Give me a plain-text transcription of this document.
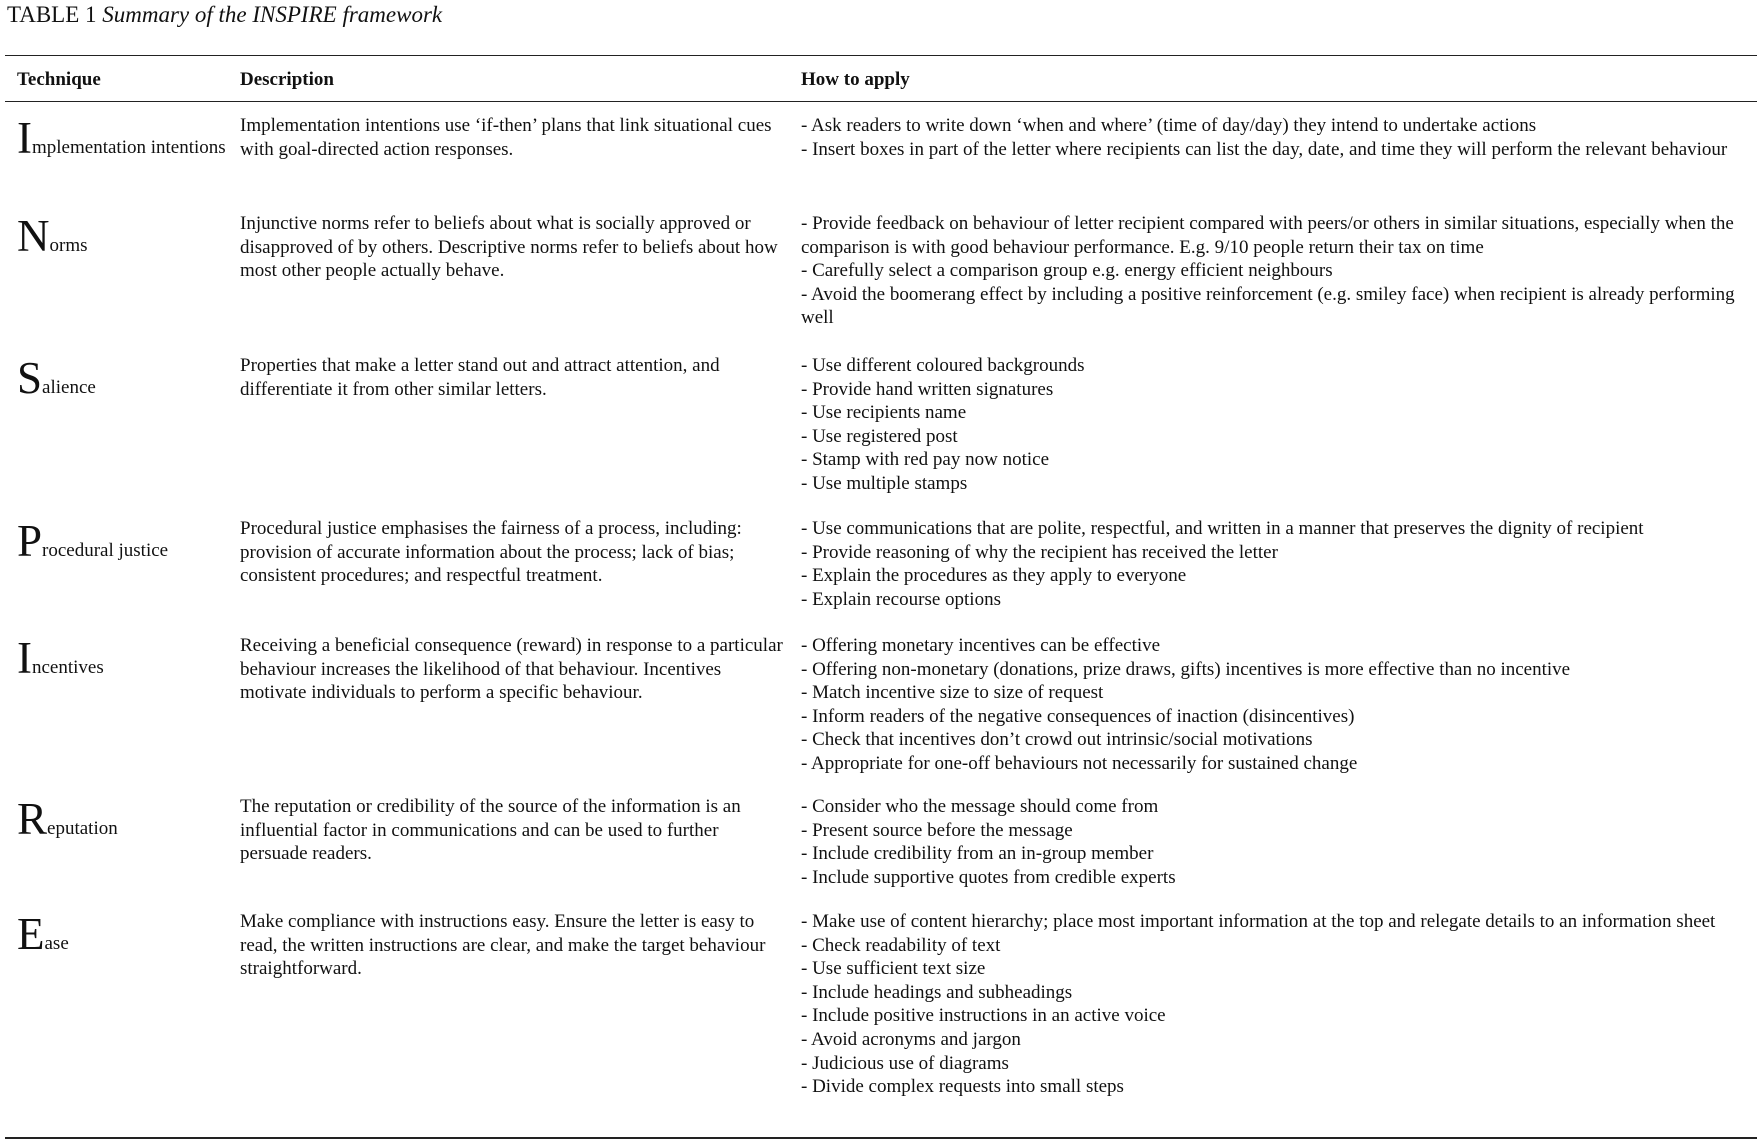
TABLE 1 Summary of the INSPIRE framework
Technique	Description	How to apply
Implementation intentions
Implementation intentions use ‘if-then’ plans that link situational cues with goal-directed action responses.
- Ask readers to write down ‘when and where’ (time of day/day) they intend to undertake actions
- Insert boxes in part of the letter where recipients can list the day, date, and time they will perform the relevant behaviour
Norms
Injunctive norms refer to beliefs about what is socially approved or disapproved of by others. Descriptive norms refer to beliefs about how most other people actually behave.
- Provide feedback on behaviour of letter recipient compared with peers/or others in similar situations, especially when the comparison is with good behaviour performance. E.g. 9/10 people return their tax on time
- Carefully select a comparison group e.g. energy efficient neighbours
- Avoid the boomerang effect by including a positive reinforcement (e.g. smiley face) when recipient is already performing well
Salience
Properties that make a letter stand out and attract attention, and differentiate it from other similar letters.
- Use different coloured backgrounds
- Provide hand written signatures
- Use recipients name
- Use registered post
- Stamp with red pay now notice
- Use multiple stamps
Procedural justice
Procedural justice emphasises the fairness of a process, including: provision of accurate information about the process; lack of bias; consistent procedures; and respectful treatment.
- Use communications that are polite, respectful, and written in a manner that preserves the dignity of recipient
- Provide reasoning of why the recipient has received the letter
- Explain the procedures as they apply to everyone
- Explain recourse options
Incentives
Receiving a beneficial consequence (reward) in response to a particular behaviour increases the likelihood of that behaviour. Incentives motivate individuals to perform a specific behaviour.
- Offering monetary incentives can be effective
- Offering non-monetary (donations, prize draws, gifts) incentives is more effective than no incentive
- Match incentive size to size of request
- Inform readers of the negative consequences of inaction (disincentives)
- Check that incentives don’t crowd out intrinsic/social motivations
- Appropriate for one-off behaviours not necessarily for sustained change
Reputation
The reputation or credibility of the source of the information is an influential factor in communications and can be used to further persuade readers.
- Consider who the message should come from
- Present source before the message
- Include credibility from an in-group member
- Include supportive quotes from credible experts
Ease
Make compliance with instructions easy. Ensure the letter is easy to read, the written instructions are clear, and make the target behaviour straightforward.
- Make use of content hierarchy; place most important information at the top and relegate details to an information sheet
- Check readability of text
- Use sufficient text size
- Include headings and subheadings
- Include positive instructions in an active voice
- Avoid acronyms and jargon
- Judicious use of diagrams
- Divide complex requests into small steps
